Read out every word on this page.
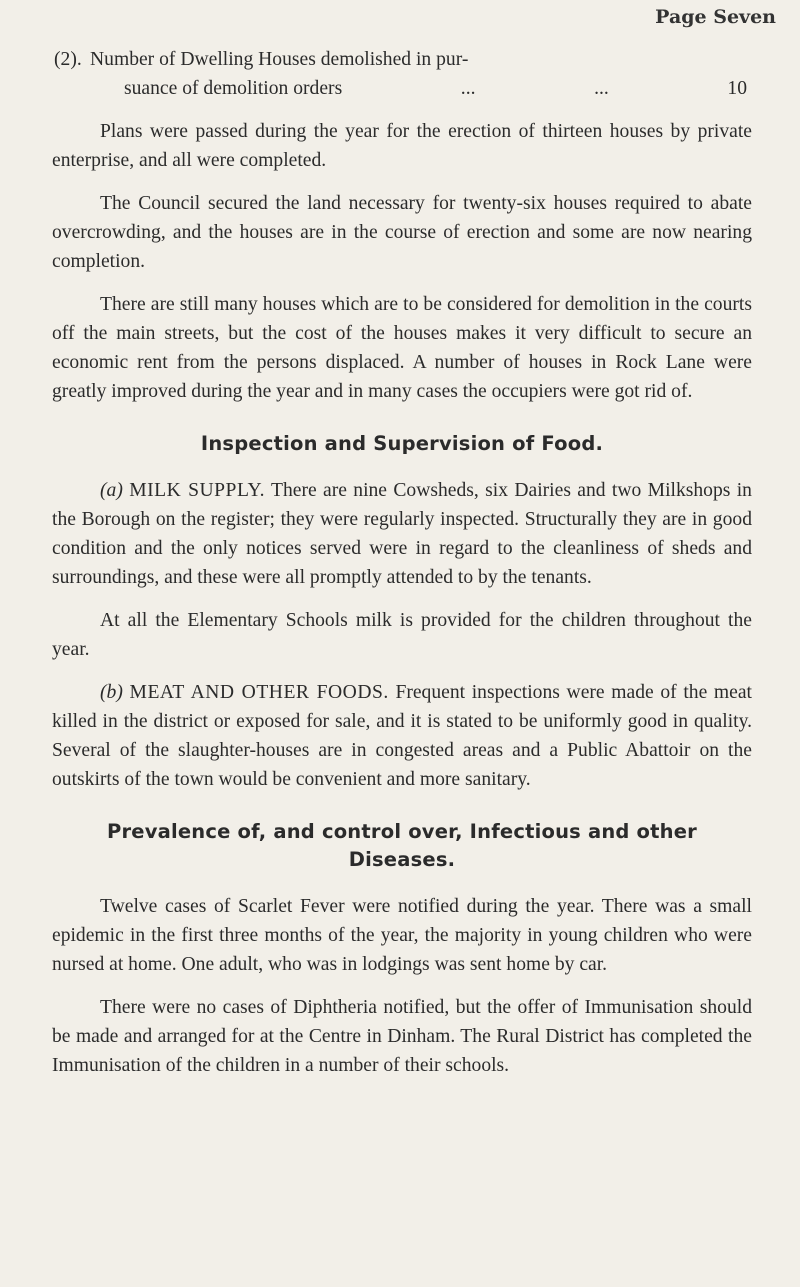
Page Seven
(2). Number of Dwelling Houses demolished in pur-
suance of demolition orders	...	...	10

Plans were passed during the year for the erection of thirteen houses by private enterprise, and all were completed.

The Council secured the land necessary for twenty-six houses required to abate overcrowding, and the houses are in the course of erection and some are now nearing completion.

There are still many houses which are to be considered for demolition in the courts off the main streets, but the cost of the houses makes it very difficult to secure an economic rent from the persons displaced. A number of houses in Rock Lane were greatly improved during the year and in many cases the occupiers were got rid of.

Inspection and Supervision of Food.

(a) MILK SUPPLY. There are nine Cowsheds, six Dairies and two Milkshops in the Borough on the register; they were regularly inspected. Structurally they are in good condition and the only notices served were in regard to the cleanliness of sheds and surroundings, and these were all promptly attended to by the tenants.

At all the Elementary Schools milk is provided for the children throughout the year.

(b) MEAT AND OTHER FOODS. Frequent inspections were made of the meat killed in the district or exposed for sale, and it is stated to be uniformly good in quality. Several of the slaughter-houses are in congested areas and a Public Abattoir on the outskirts of the town would be convenient and more sanitary.

Prevalence of, and control over, Infectious and other
Diseases.

Twelve cases of Scarlet Fever were notified during the year. There was a small epidemic in the first three months of the year, the majority in young children who were nursed at home. One adult, who was in lodgings was sent home by car.

There were no cases of Diphtheria notified, but the offer of Immunisation should be made and arranged for at the Centre in Dinham. The Rural District has completed the Immunisation of the children in a number of their schools.
